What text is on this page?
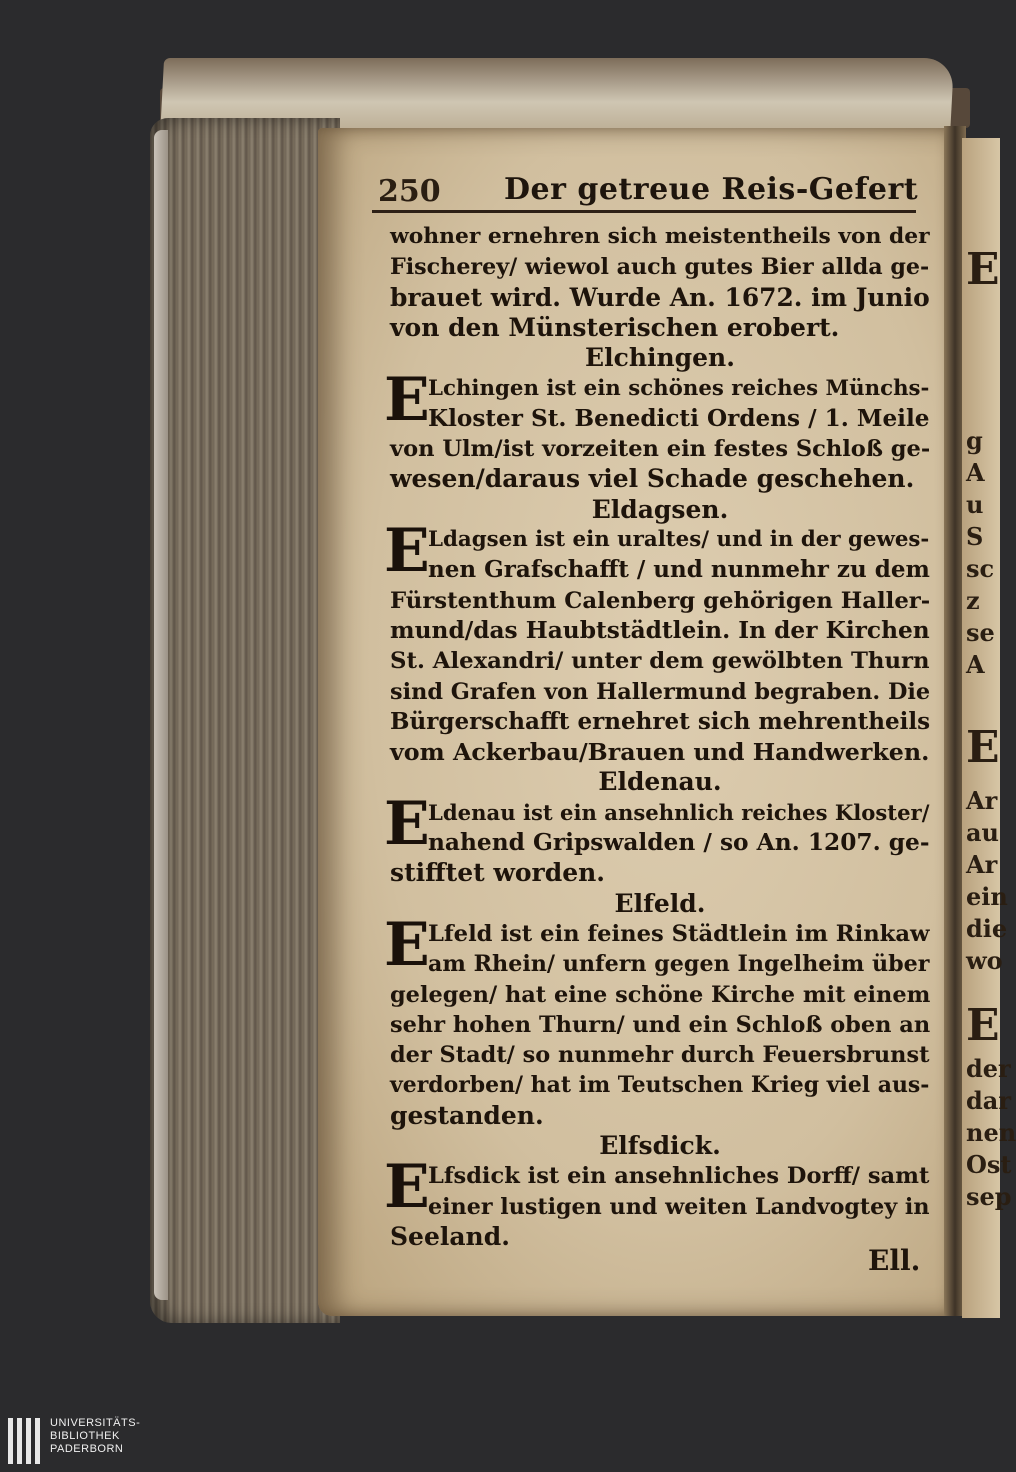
E
g
A
u
S
sc
z
se
A
E
Ar
au
Ar
ein
die
wo
E
der
dar
nen
Ost
sep
250 Der getreue Reis-Gefert
wohner ernehren sich meistentheils von der
Fischerey/ wiewol auch gutes Bier allda ge-
brauet wird. Wurde An. 1672. im Junio
von den Münsterischen erobert.
Elchingen.
Lchingen ist ein schönes reiches Münchs-
E
Kloster St. Benedicti Ordens / 1. Meile
von Ulm/ist vorzeiten ein festes Schloß ge-
wesen/daraus viel Schade geschehen.
Eldagsen.
Ldagsen ist ein uraltes/ und in der gewes-
E
nen Grafschafft / und nunmehr zu dem
Fürstenthum Calenberg gehörigen Haller-
mund/das Haubtstädtlein. In der Kirchen
St. Alexandri/ unter dem gewölbten Thurn
sind Grafen von Hallermund begraben. Die
Bürgerschafft ernehret sich mehrentheils
vom Ackerbau/Brauen und Handwerken.
Eldenau.
Ldenau ist ein ansehnlich reiches Kloster/
E
nahend Gripswalden / so An. 1207. ge-
stifftet worden.
Elfeld.
Lfeld ist ein feines Städtlein im Rinkaw
E
am Rhein/ unfern gegen Ingelheim über
gelegen/ hat eine schöne Kirche mit einem
sehr hohen Thurn/ und ein Schloß oben an
der Stadt/ so nunmehr durch Feuersbrunst
verdorben/ hat im Teutschen Krieg viel aus-
gestanden.
Elfsdick.
Lfsdick ist ein ansehnliches Dorff/ samt
E
einer lustigen und weiten Landvogtey in
Seeland.
Ell.
UNIVERSITÄTS-
BIBLIOTHEK
PADERBORN
